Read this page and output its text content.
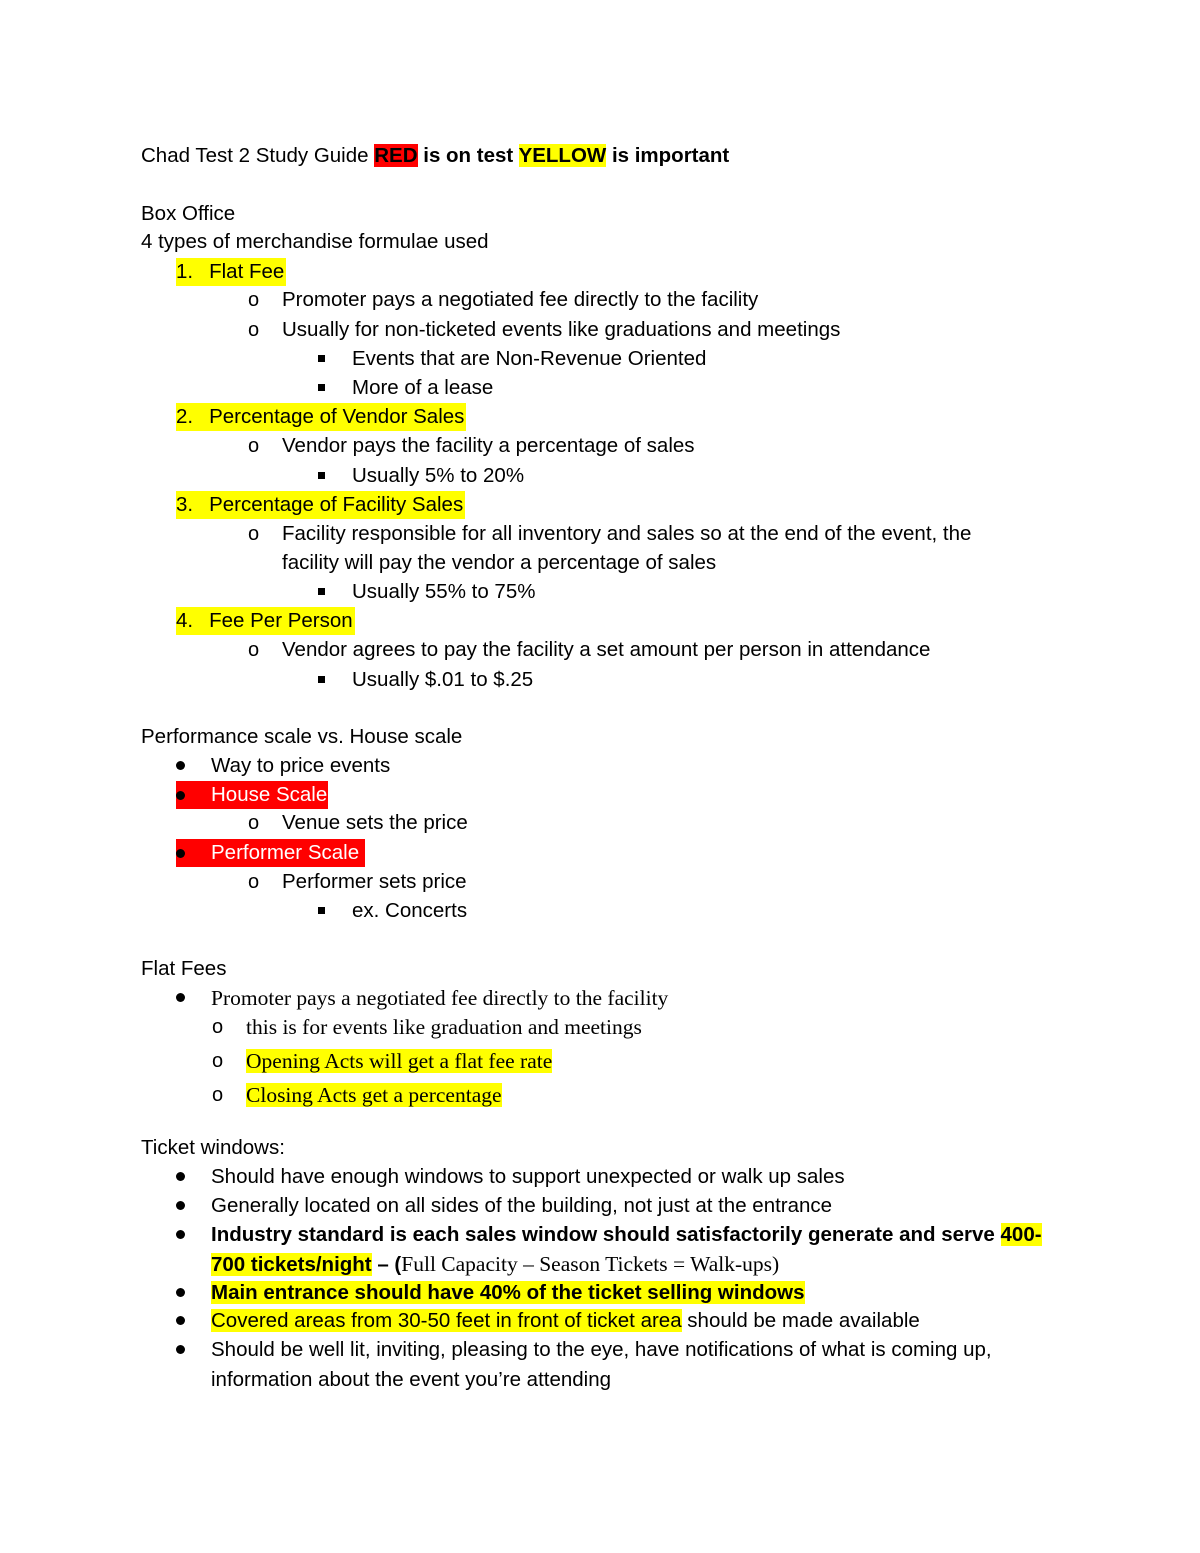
Chad Test 2 Study Guide RED is on test YELLOW is important
Box Office
4 types of merchandise formulae used
1. Flat Fee
o Promoter pays a negotiated fee directly to the facility
o Usually for non-ticketed events like graduations and meetings
Events that are Non-Revenue Oriented
More of a lease
2. Percentage of Vendor Sales
o Vendor pays the facility a percentage of sales
Usually 5% to 20%
3. Percentage of Facility Sales
o Facility responsible for all inventory and sales so at the end of the event, the
facility will pay the vendor a percentage of sales
Usually 55% to 75%
4. Fee Per Person
o Vendor agrees to pay the facility a set amount per person in attendance
Usually $.01 to $.25
Performance scale vs. House scale
Way to price events
House Scale
o Venue sets the price
Performer Scale
o Performer sets price
ex. Concerts
Flat Fees
Promoter pays a negotiated fee directly to the facility
o this is for events like graduation and meetings
o Opening Acts will get a flat fee rate
o Closing Acts get a percentage
Ticket windows:
Should have enough windows to support unexpected or walk up sales
Generally located on all sides of the building, not just at the entrance
Industry standard is each sales window should satisfactorily generate and serve 400-
700 tickets/night – (Full Capacity – Season Tickets = Walk-ups)
Main entrance should have 40% of the ticket selling windows
Covered areas from 30-50 feet in front of ticket area should be made available
Should be well lit, inviting, pleasing to the eye, have notifications of what is coming up,
information about the event you’re attending
